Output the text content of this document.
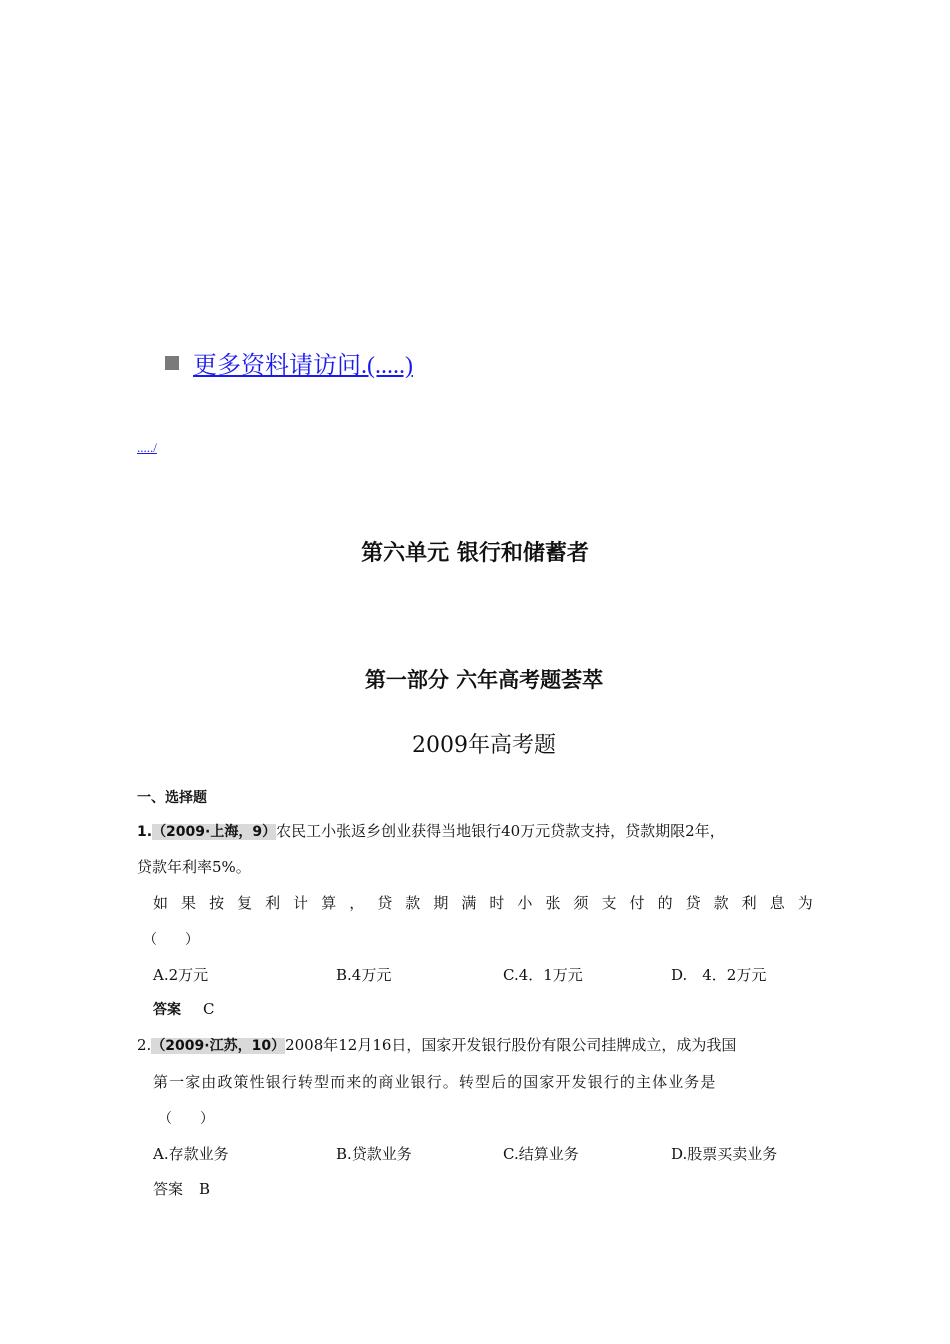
更多资料请访问.(.....)
...../
第六单元 银行和储蓄者
第一部分 六年高考题荟萃
2009年高考题
一、选择题
1.（2009·上海，9）农民工小张返乡创业获得当地银行40万元贷款支持，贷款期限2年，
贷款年利率5%。
如 果 按 复 利 计 算 ， 贷 款 期 满 时 小 张 须 支 付 的 贷 款 利 息 为
（　　）
A.2万元	B.4万元	C.4．1万元	D.　4．2万元
答案 C
2.（2009·江苏，10）2008年12月16日，国家开发银行股份有限公司挂牌成立，成为我国
第一家由政策性银行转型而来的商业银行。转型后的国家开发银行的主体业务是
（　　）
A.存款业务	B.贷款业务	C.结算业务	D.股票买卖业务
答案 B
